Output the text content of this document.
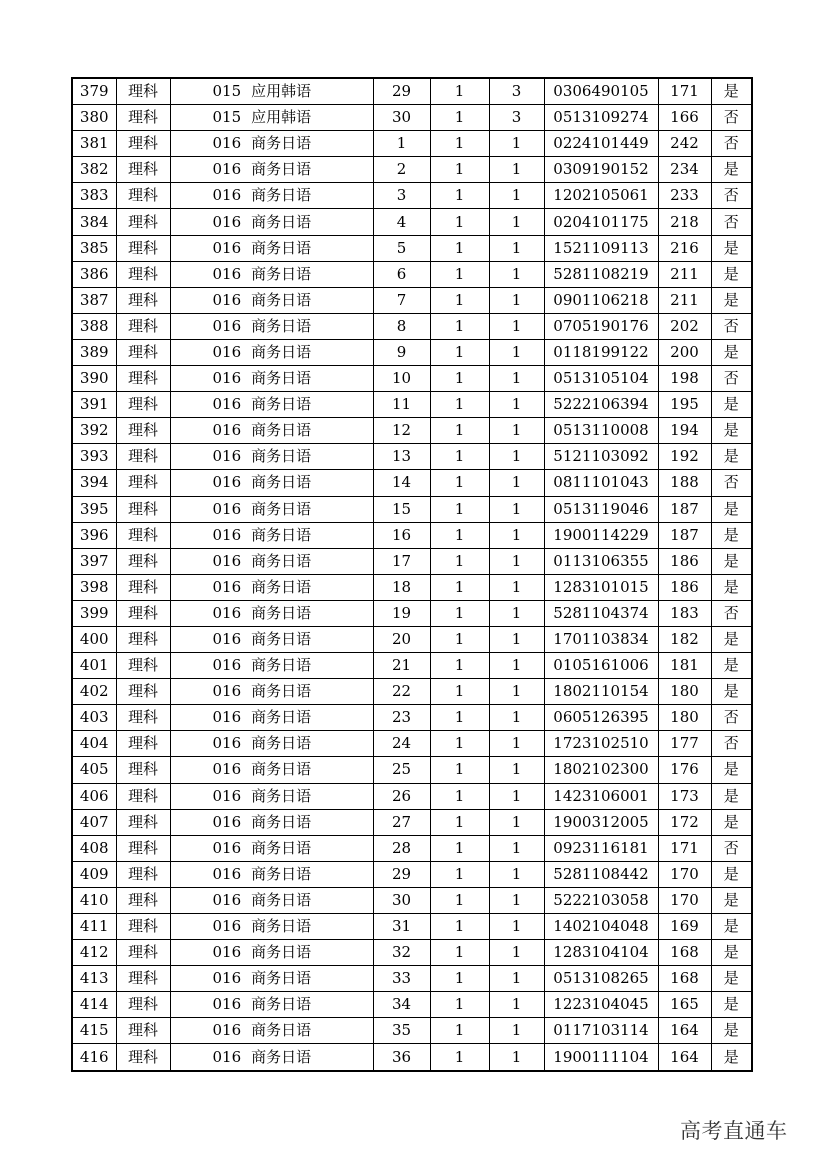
379	理科	015 应用韩语	29	1	3	0306490105	171	是
380	理科	015 应用韩语	30	1	3	0513109274	166	否
381	理科	016 商务日语	1	1	1	0224101449	242	否
382	理科	016 商务日语	2	1	1	0309190152	234	是
383	理科	016 商务日语	3	1	1	1202105061	233	否
384	理科	016 商务日语	4	1	1	0204101175	218	否
385	理科	016 商务日语	5	1	1	1521109113	216	是
386	理科	016 商务日语	6	1	1	5281108219	211	是
387	理科	016 商务日语	7	1	1	0901106218	211	是
388	理科	016 商务日语	8	1	1	0705190176	202	否
389	理科	016 商务日语	9	1	1	0118199122	200	是
390	理科	016 商务日语	10	1	1	0513105104	198	否
391	理科	016 商务日语	11	1	1	5222106394	195	是
392	理科	016 商务日语	12	1	1	0513110008	194	是
393	理科	016 商务日语	13	1	1	5121103092	192	是
394	理科	016 商务日语	14	1	1	0811101043	188	否
395	理科	016 商务日语	15	1	1	0513119046	187	是
396	理科	016 商务日语	16	1	1	1900114229	187	是
397	理科	016 商务日语	17	1	1	0113106355	186	是
398	理科	016 商务日语	18	1	1	1283101015	186	是
399	理科	016 商务日语	19	1	1	5281104374	183	否
400	理科	016 商务日语	20	1	1	1701103834	182	是
401	理科	016 商务日语	21	1	1	0105161006	181	是
402	理科	016 商务日语	22	1	1	1802110154	180	是
403	理科	016 商务日语	23	1	1	0605126395	180	否
404	理科	016 商务日语	24	1	1	1723102510	177	否
405	理科	016 商务日语	25	1	1	1802102300	176	是
406	理科	016 商务日语	26	1	1	1423106001	173	是
407	理科	016 商务日语	27	1	1	1900312005	172	是
408	理科	016 商务日语	28	1	1	0923116181	171	否
409	理科	016 商务日语	29	1	1	5281108442	170	是
410	理科	016 商务日语	30	1	1	5222103058	170	是
411	理科	016 商务日语	31	1	1	1402104048	169	是
412	理科	016 商务日语	32	1	1	1283104104	168	是
413	理科	016 商务日语	33	1	1	0513108265	168	是
414	理科	016 商务日语	34	1	1	1223104045	165	是
415	理科	016 商务日语	35	1	1	0117103114	164	是
416	理科	016 商务日语	36	1	1	1900111104	164	是
高考直通车
